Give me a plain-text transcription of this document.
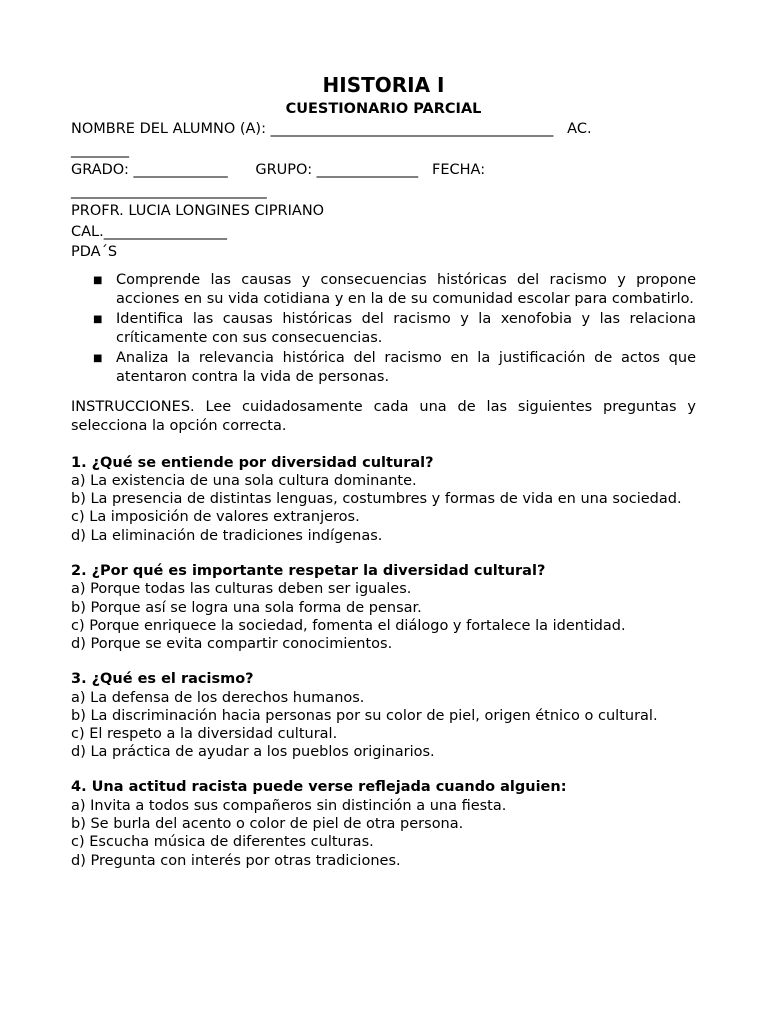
HISTORIA I
CUESTIONARIO PARCIAL

NOMBRE DEL ALUMNO (A): _______________________________________   AC.

________

GRADO: _____________      GRUPO: ______________   FECHA:

___________________________

PROFR. LUCIA LONGINES CIPRIANO

CAL._________________

PDA´S

■ Comprende las causas y consecuencias históricas del racismo y propone acciones en su vida cotidiana y en la de su comunidad escolar para combatirlo.
■ Identifica las causas históricas del racismo y la xenofobia y las relaciona críticamente con sus consecuencias.
■ Analiza la relevancia histórica del racismo en la justificación de actos que atentaron contra la vida de personas.

INSTRUCCIONES. Lee cuidadosamente cada una de las siguientes preguntas y selecciona la opción correcta.

1. ¿Qué se entiende por diversidad cultural?

a) La existencia de una sola cultura dominante.

b) La presencia de distintas lenguas, costumbres y formas de vida en una sociedad.

c) La imposición de valores extranjeros.

d) La eliminación de tradiciones indígenas.

2. ¿Por qué es importante respetar la diversidad cultural?

a) Porque todas las culturas deben ser iguales.

b) Porque así se logra una sola forma de pensar.

c) Porque enriquece la sociedad, fomenta el diálogo y fortalece la identidad.

d) Porque se evita compartir conocimientos.

3. ¿Qué es el racismo?

a) La defensa de los derechos humanos.

b) La discriminación hacia personas por su color de piel, origen étnico o cultural.

c) El respeto a la diversidad cultural.

d) La práctica de ayudar a los pueblos originarios.

4. Una actitud racista puede verse reflejada cuando alguien:

a) Invita a todos sus compañeros sin distinción a una fiesta.

b) Se burla del acento o color de piel de otra persona.

c) Escucha música de diferentes culturas.

d) Pregunta con interés por otras tradiciones.
